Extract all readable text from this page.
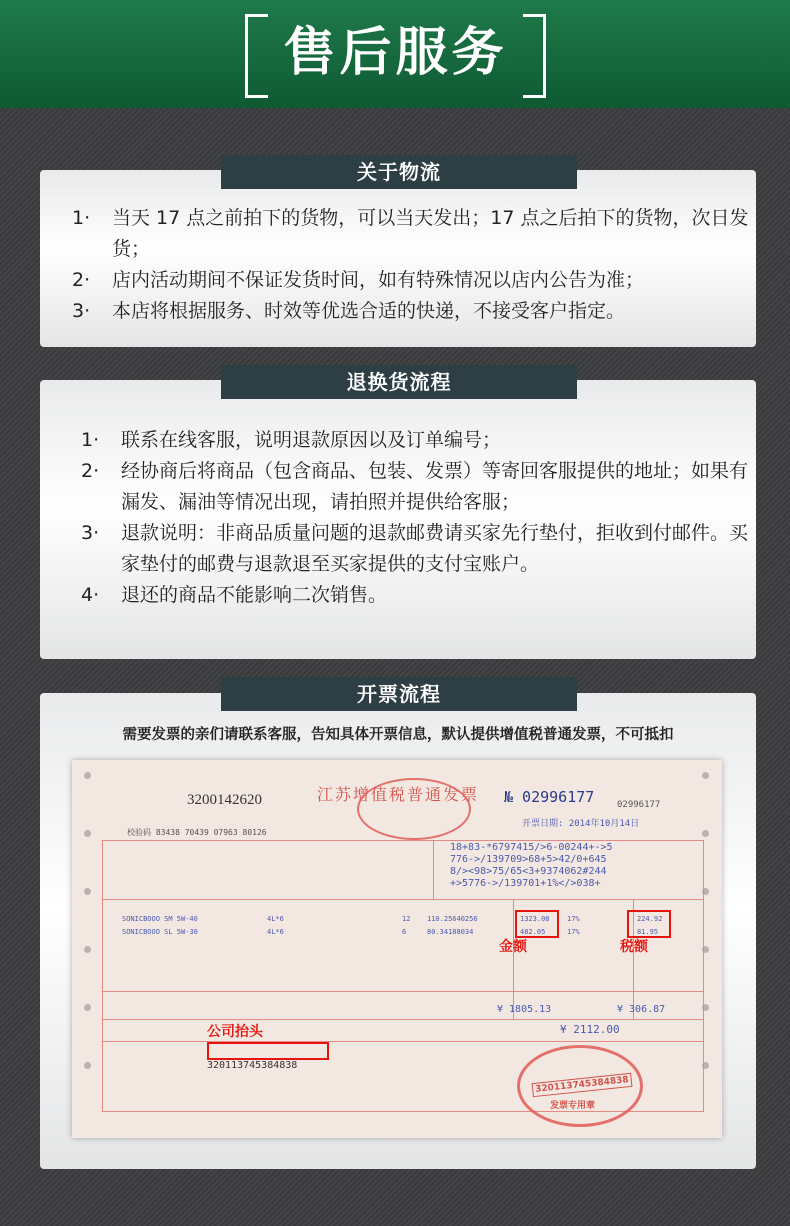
售后服务
关于物流
1· 当天 17 点之前拍下的货物，可以当天发出；17 点之后拍下的货物，次日发货；
2· 店内活动期间不保证发货时间，如有特殊情况以店内公告为准；
3· 本店将根据服务、时效等优选合适的快递，不接受客户指定。
退换货流程
1· 联系在线客服，说明退款原因以及订单编号；
2· 经协商后将商品（包含商品、包装、发票）等寄回客服提供的地址；如果有漏发、漏油等情况出现，请拍照并提供给客服；
3· 退款说明：非商品质量问题的退款邮费请买家先行垫付，拒收到付邮件。买家垫付的邮费与退款退至买家提供的支付宝账户。
4· 退还的商品不能影响二次销售。
开票流程
需要发票的亲们请联系客服，告知具体开票信息，默认提供增值税普通发票，不可抵扣
3200142620	江苏增值税普通发票 № 02996177	02996177
开票日期: 2014年10月14日
校验码 83438 70439 07963 80126
18+83-*6797415/>6-00244+->5
776->/139709>68+5>42/0+645
8/><98>75/65<3+9374062#244
+>5776->/139701+1%</>038+
SONICBOOO SM 5W-40	4L*6	12 110.25640256	1323.08 17%	224.92
SONICBOOO SL 5W-30	4L*6	6	80.34188034	482.05	17%	81.95
金额	税额
¥ 1805.13	¥ 306.87
¥ 2112.00
公司抬头
320113745384838
320113745384838
发票专用章
